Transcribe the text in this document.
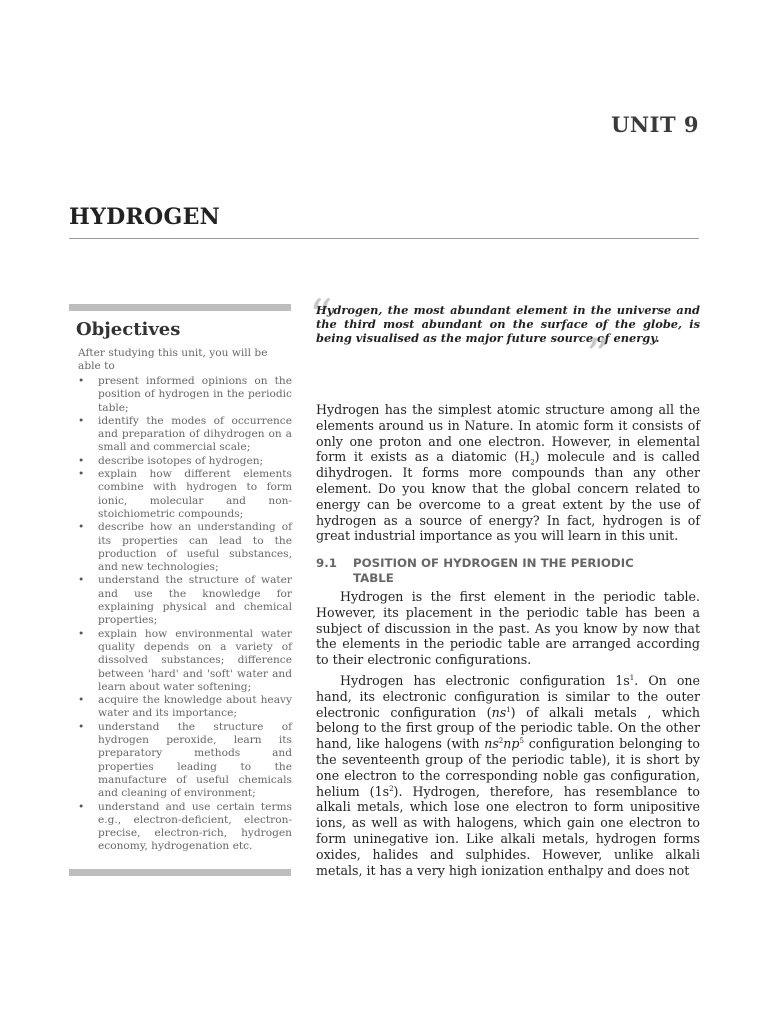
UNIT 9
HYDROGEN
Objectives
After studying this unit, you will be able to
• present informed opinions on the position of hydrogen in the periodic table;
• identify the modes of occurrence and preparation of dihydrogen on a small and commercial scale;
• describe isotopes of hydrogen;
• explain how different elements combine with hydrogen to form ionic, molecular and non-stoichiometric compounds;
• describe how an understanding of its properties can lead to the production of useful substances, and new technologies;
• understand the structure of water and use the knowledge for explaining physical and chemical properties;
• explain how environmental water quality depends on a variety of dissolved substances; difference between 'hard' and 'soft' water and learn about water softening;
• acquire the knowledge about heavy water and its importance;
• understand the structure of hydrogen peroxide, learn its preparatory methods and properties leading to the manufacture of useful chemicals and cleaning of environment;
• understand and use certain terms e.g., electron-deficient, electron-precise, electron-rich, hydrogen economy, hydrogenation etc.
“
Hydrogen, the most abundant element in the universe and the third most abundant on the surface of the globe, is being visualised as the major future source of energy.
”

Hydrogen has the simplest atomic structure among all the elements around us in Nature. In atomic form it consists of only one proton and one electron. However, in elemental form it exists as a diatomic $(H_2)$ molecule and is called dihydrogen. It forms more compounds than any other element. Do you know that the global concern related to energy can be overcome to a great extent by the use of hydrogen as a source of energy? In fact, hydrogen is of great industrial importance as you will learn in this unit.

9.1 POSITION OF HYDROGEN IN THE PERIODIC
TABLE

Hydrogen is the first element in the periodic table. However, its placement in the periodic table has been a subject of discussion in the past. As you know by now that the elements in the periodic table are arranged according to their electronic configurations.

Hydrogen has electronic configuration $1s^1$. On one hand, its electronic configuration is similar to the outer electronic configuration $(ns^1)$ of alkali metals , which belong to the first group of the periodic table. On the other hand, like halogens (with $ns^2np^5$ configuration belonging to the seventeenth group of the periodic table), it is short by one electron to the corresponding noble gas configuration, helium $(1s^2)$. Hydrogen, therefore, has resemblance to alkali metals, which lose one electron to form unipositive ions, as well as with halogens, which gain one electron to form uninegative ion. Like alkali metals, hydrogen forms oxides, halides and sulphides. However, unlike alkali metals, it has a very high ionization enthalpy and does not
